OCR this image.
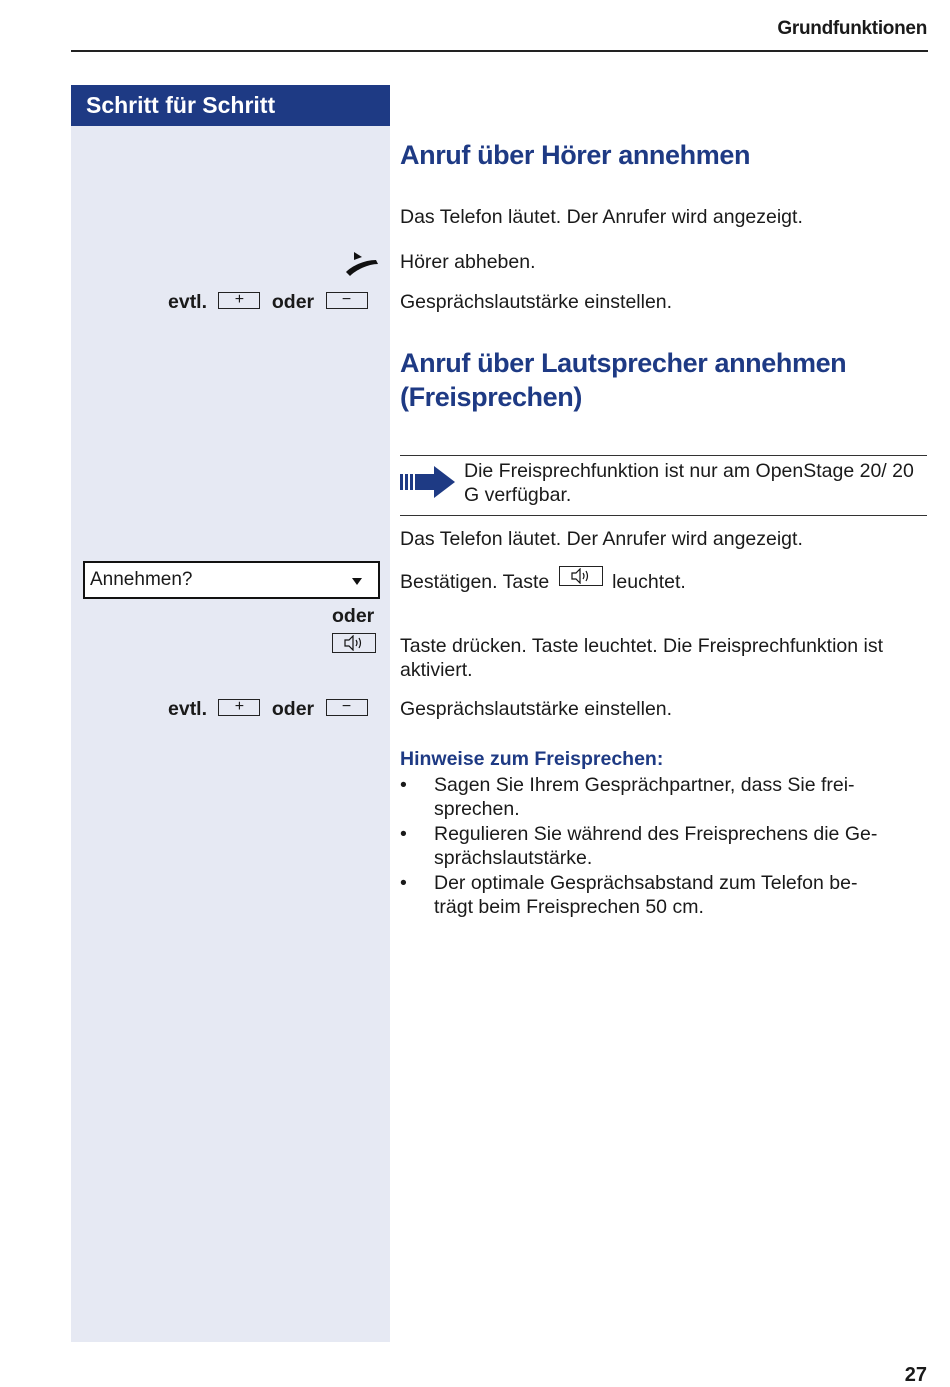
Grundfunktionen
Schritt für Schritt
Anruf über Hörer annehmen
Das Telefon läutet. Der Anrufer wird angezeigt.
Hörer abheben.
evtl. + oder −	Gesprächslautstärke einstellen.
Anruf über Lautsprecher annehmen
(Freisprechen)
Die Freisprechfunktion ist nur am OpenStage 20/ 20 G verfügbar.
Das Telefon läutet. Der Anrufer wird angezeigt.
Annehmen?	Bestätigen. Taste	leuchtet.
oder
Taste drücken. Taste leuchtet. Die Freisprechfunktion ist
aktiviert.
evtl. + oder −	Gesprächslautstärke einstellen.
Hinweise zum Freisprechen:
•	Sagen Sie Ihrem Gesprächpartner, dass Sie frei-
sprechen.
•	Regulieren Sie während des Freisprechens die Ge-
sprächslautstärke.
•	Der optimale Gesprächsabstand zum Telefon be-
trägt beim Freisprechen 50 cm.
27
